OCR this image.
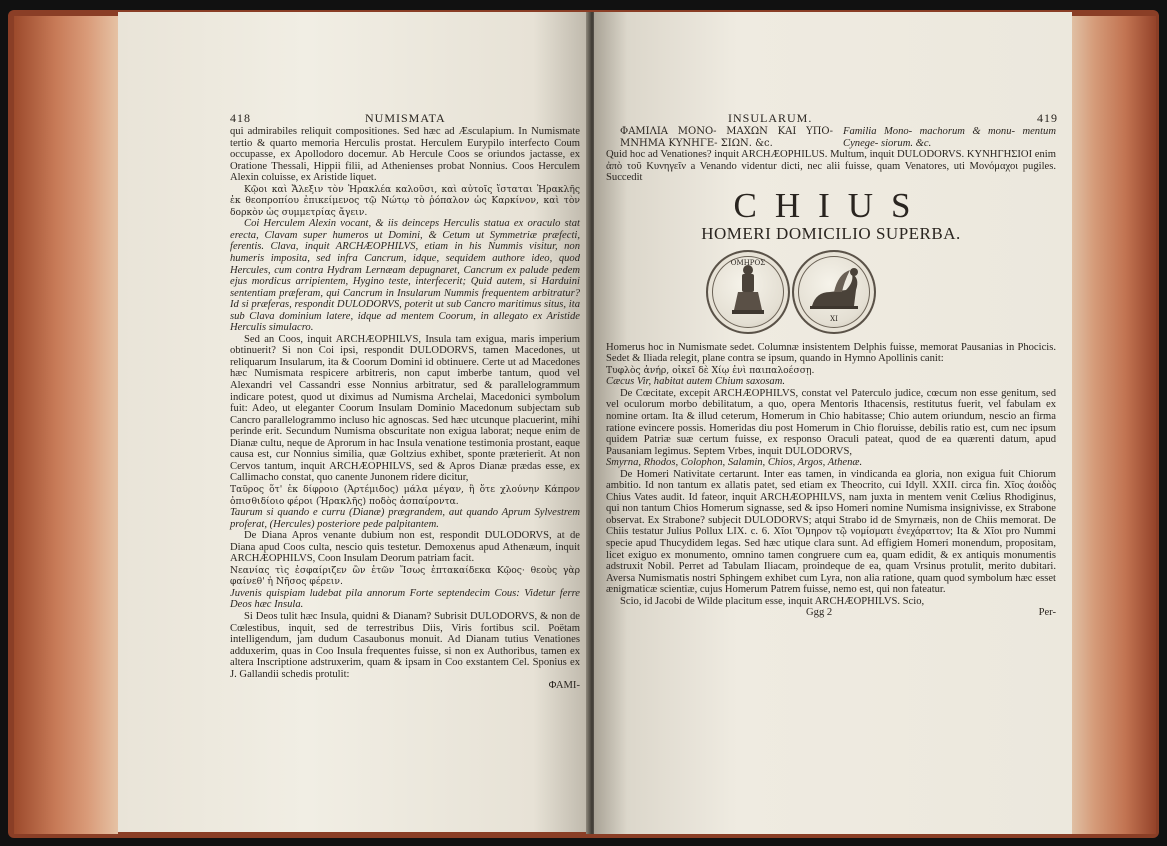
418	NUMISMATA

qui admirabiles reliquit compositiones. Sed hæc ad Æsculapium. In Numismate tertio & quarto memoria Herculis prostat. Herculem Eurypilo interfecto Coum occupasse, ex Apollodoro docemur. Ab Hercule Coos se oriundos jactasse, ex Oratione Thessali, Hippii filii, ad Athenienses probat Nonnius. Coos Herculem Alexin coluisse, ex Aristide liquet.

Κῷοι καὶ Ἄλεξιν τὸν Ἡρακλέα καλοῦσι, καὶ αὐτοῖς ἵσταται Ἡρακλῆς ἐκ θεοπροπίου ἐπικείμενος τῷ Νώτῳ τὸ ῥόπαλον ὡς Καρκίνον, καὶ τὸν δορκὸν ὡς συμμετρίας ἄγειν.

Coi Herculem Alexin vocant, & iis deinceps Herculis statua ex oraculo stat erecta, Clavam super humeros ut Domini, & Cetum ut Symmetriæ præfecti, ferentis. Clava, inquit ARCHÆOPHILVS, etiam in his Nummis visitur, non humeris imposita, sed infra Cancrum, idque, sequidem authore ideo, quod Hercules, cum contra Hydram Lernæam depugnaret, Cancrum ex palude pedem ejus mordicus arripientem, Hygino teste, interfecerit; Quid autem, si Harduini sententiam præferam, qui Cancrum in Insularum Nummis frequentem arbitratur? Id si præferas, respondit DULODORVS, poterit ut sub Cancro maritimus situs, ita sub Clava dominium latere, idque ad mentem Coorum, in allegato ex Aristide Herculis simulacro.

Sed an Coos, inquit ARCHÆOPHILVS, Insula tam exigua, maris imperium obtinuerit? Si non Coi ipsi, respondit DULODORVS, tamen Macedones, ut reliquarum Insularum, ita & Coorum Domini id obtinuere. Certe ut ad Macedones hæc Numismata respicere arbitreris, non caput imberbe tantum, quod vel Alexandri vel Cassandri esse Nonnius arbitratur, sed & parallelogrammum indicare potest, quod ut diximus ad Numisma Archelai, Macedonici symbolum fuit: Adeo, ut eleganter Coorum Insulam Dominio Macedonum subjectam sub Cancro parallelogrammo incluso hic agnoscas. Sed hæc utcunque placuerint, mihi perinde erit. Secundum Numisma obscuritate non exigua laborat; neque enim de Dianæ cultu, neque de Aprorum in hac Insula venatione testimonia prostant, eaque causa est, cur Nonnius similia, quæ Goltzius exhibet, sponte præterierit. At non Cervos tantum, inquit ARCHÆOPHILVS, sed & Apros Dianæ prædas esse, ex Callimacho constat, quo canente Junonem ridere dicitur,

Ταῦρος ὅτ' ἐκ δίφροιο (Ἀρτέμιδος) μάλα μέγαν, ἢ ὅτε χλούνην Κάπρον ὀπισθιδίοιο φέροι (Ἡρακλῆς) ποδὸς ἀσπαίροντα.

Taurum si quando e curru (Dianæ) prægrandem, aut quando Aprum Sylvestrem proferat, (Hercules) posteriore pede palpitantem.

De Diana Apros venante dubium non est, respondit DULODORVS, at de Diana apud Coos culta, nescio quis testetur. Demoxenus apud Athenæum, inquit ARCHÆOPHILVS, Coon Insulam Deorum patriam facit.

Νεανίας τὶς ἐσφαίριζεν ὢν ἐτῶν Ἴσως ἑπτακαίδεκα Κῷος· θεοὺς γὰρ φαίνεθ' ἡ Νῆσος φέρειν.

Juvenis quispiam ludebat pila annorum Forte septendecim Cous: Videtur ferre Deos hæc Insula.

Si Deos tulit hæc Insula, quidni & Dianam? Subrisit DULODORVS, & non de Cœlestibus, inquit, sed de terrestribus Diis, Viris fortibus scil. Poëtam intelligendum, jam dudum Casaubonus monuit. Ad Dianam tutius Venationes adduxerim, quas in Coo Insula frequentes fuisse, si non ex Authoribus, tamen ex altera Inscriptione adstruxerim, quam & ipsam in Coo exstantem Cel. Sponius ex J. Gallandii schedis protulit:

ΦΑΜΙ-

INSULARUM.	419
ΦΑΜΙΛΙΑ ΜΟΝΟ- ΜΑΧΩΝ ΚΑΙ ΥΠΟ- ΜΝΗΜΑ ΚΥΝΗΓΕ- ΣΙΩΝ. &c.
Familia Mono- machorum & monu- mentum Cynege- siorum. &c.

Quid hoc ad Venationes? inquit ARCHÆOPHILUS. Multum, inquit DULODORVS. ΚΥΝΗΓΗΣΙΟΙ enim ἀπὸ τοῦ Κυνηγεῖν a Venando videntur dicti, nec alii fuisse, quam Venatores, uti Μονόμαχοι pugiles. Succedit

CHIUS
HOMERI DOMICILIO SUPERBA.
ΟΜΗΡΟΣ
ΧΙ

Homerus hoc in Numismate sedet. Columnæ insistentem Delphis fuisse, memorat Pausanias in Phocicis. Sedet & Iliada relegit, plane contra se ipsum, quando in Hymno Apollinis canit:

Τυφλὸς ἀνήρ, οἰκεῖ δὲ Χίῳ ἐνὶ παιπαλοέσσῃ.

Cæcus Vir, habitat autem Chium saxosam.

De Cœcitate, excepit ARCHÆOPHILVS, constat vel Paterculo judice, cœcum non esse genitum, sed vel oculorum morbo debilitatum, a quo, opera Mentoris Ithacensis, restitutus fuerit, vel fabulam ex nomine ortam. Ita & illud ceterum, Homerum in Chio habitasse; Chio autem oriundum, nescio an firma ratione evincere possis. Homeridas diu post Homerum in Chio floruisse, debilis ratio est, cum nec ipsum quidem Patriæ suæ certum fuisse, ex responso Oraculi pateat, quod de ea quærenti datum, apud Pausaniam legimus. Septem Vrbes, inquit DULODORVS,

Smyrna, Rhodos, Colophon, Salamin, Chios, Argos, Athenæ.

De Homeri Nativitate certarunt. Inter eas tamen, in vindicanda ea gloria, non exigua fuit Chiorum ambitio. Id non tantum ex allatis patet, sed etiam ex Theocrito, cui Idyll. XXII. circa fin. Χῖος ἀοιδὸς Chius Vates audit. Id fateor, inquit ARCHÆOPHILVS, nam juxta in mentem venit Cœlius Rhodiginus, qui non tantum Chios Homerum signasse, sed & ipso Homeri nomine Numisma insignivisse, ex Strabone observat. Ex Strabone? subjecit DULODORVS; atqui Strabo id de Smyrnæis, non de Chiis memorat. De Chiis testatur Julius Pollux LIX. c. 6. Χῖοι Ὅμηρον τῷ νομίσματι ἐνεχάραττον; Ita & Χῖοι pro Nummi specie apud Thucydidem legas. Sed hæc utique clara sunt. Ad effigiem Homeri monendum, propositam, licet exiguo ex monumento, omnino tamen congruere cum ea, quam edidit, & ex antiquis monumentis adstruxit Nobil. Perret ad Tabulam Iliacam, proindeque de ea, quam Vrsinus protulit, merito dubitari. Aversa Numismatis nostri Sphingem exhibet cum Lyra, non alia ratione, quam quod symbolum hæc esset ænigmaticæ scientiæ, cujus Homerum Patrem fuisse, nemo est, qui non fateatur.

Scio, id Jacobi de Wilde placitum esse, inquit ARCHÆOPHILVS. Scio,

Ggg 2	Per-
